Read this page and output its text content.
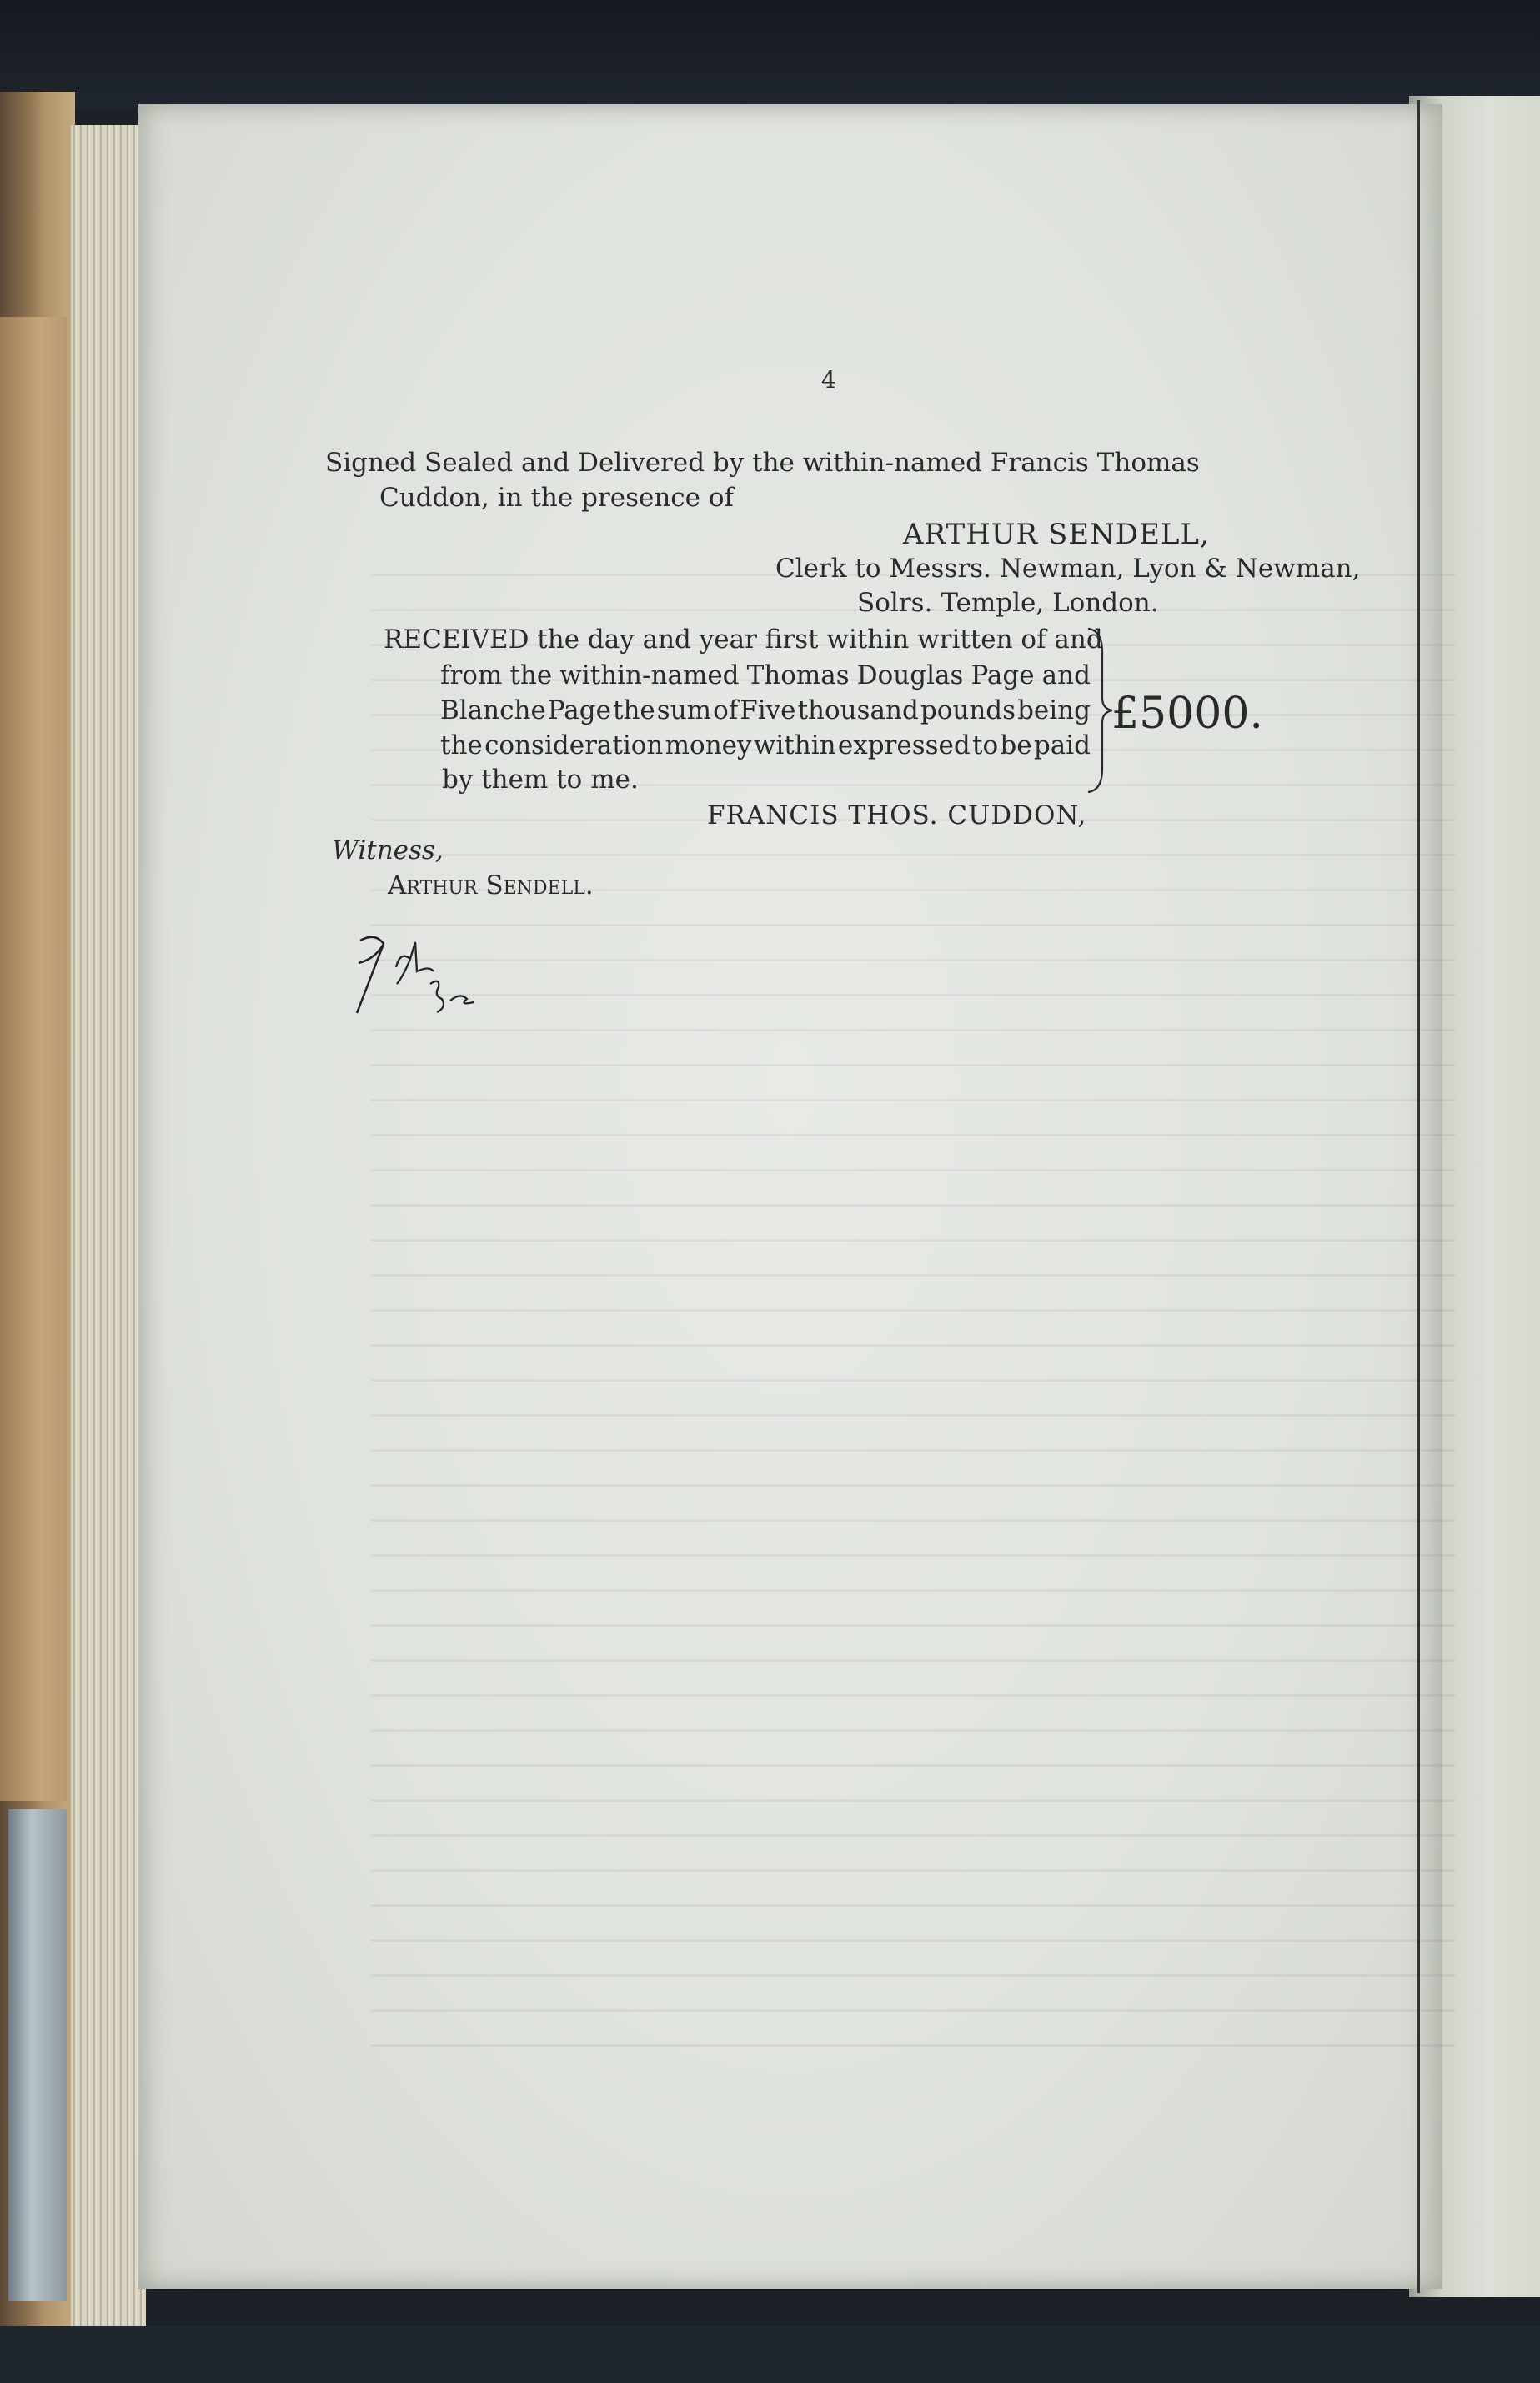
4
Signed Sealed and Delivered by the within-named Francis Thomas
Cuddon, in the presence of
ARTHUR SENDELL,
Clerk to Messrs. Newman, Lyon & Newman,
Solrs. Temple, London.
RECEIVED the day and year first within written of and
from the within-named Thomas Douglas Page and
Blanche Page the sum of Five thousand pounds being
the consideration money within expressed to be paid
by them to me.
£5000.
FRANCIS THOS. CUDDON,
Witness,
Arthur Sendell.
